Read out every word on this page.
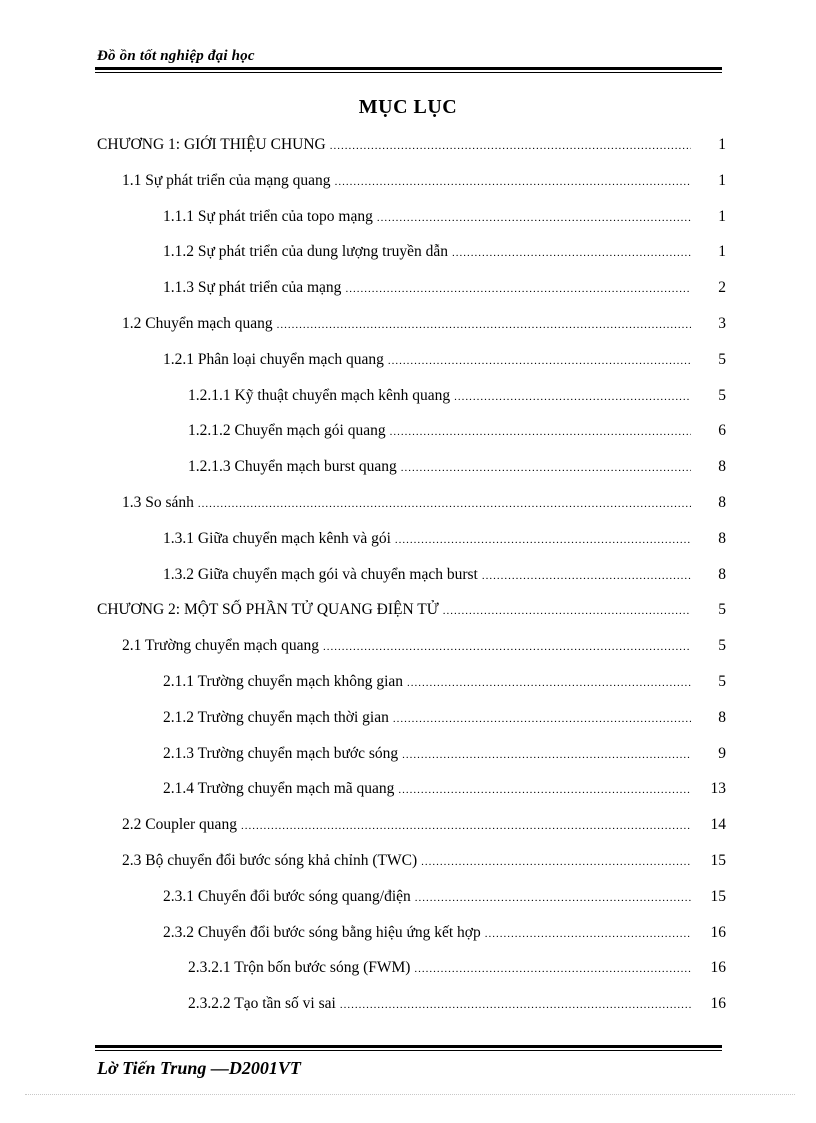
Đồ ồn tốt nghiệp đại học
MỤC LỤC
CHƯƠNG 1: GIỚI THIỆU CHUNG .....	1
1.1 Sự phát triển của mạng quang .....	1
1.1.1 Sự phát triển của topo mạng .....	1
1.1.2 Sự phát triển của dung lượng truyền dẫn .....	1
1.1.3 Sự phát triển của mạng .....	2
1.2 Chuyển mạch quang .....	3
1.2.1 Phân loại chuyển mạch quang .....	5
1.2.1.1 Kỹ thuật chuyển mạch kênh quang .....	5
1.2.1.2 Chuyển mạch gói quang .....	6
1.2.1.3 Chuyển mạch burst quang .....	8
1.3 So sánh .....	8
1.3.1 Giữa chuyển mạch kênh và gói .....	8
1.3.2 Giữa chuyển mạch gói và chuyển mạch burst .....	8
CHƯƠNG 2: MỘT SỐ PHẦN TỬ QUANG ĐIỆN TỬ .....	5
2.1 Trường chuyển mạch quang .....	5
2.1.1 Trường chuyển mạch không gian .....	5
2.1.2 Trường chuyển mạch thời gian .....	8
2.1.3 Trường chuyển mạch bước sóng .....	9
2.1.4 Trường chuyển mạch mã quang .....	13
2.2 Coupler quang .....	14
2.3 Bộ chuyển đổi bước sóng khả chỉnh (TWC) .....	15
2.3.1 Chuyển đổi bước sóng quang/điện .....	15
2.3.2 Chuyển đổi bước sóng bằng hiệu ứng kết hợp .....	16
2.3.2.1 Trộn bốn bước sóng (FWM) .....	16
2.3.2.2 Tạo tần số vi sai .....	16
Lờ Tiến Trung —D2001VT
